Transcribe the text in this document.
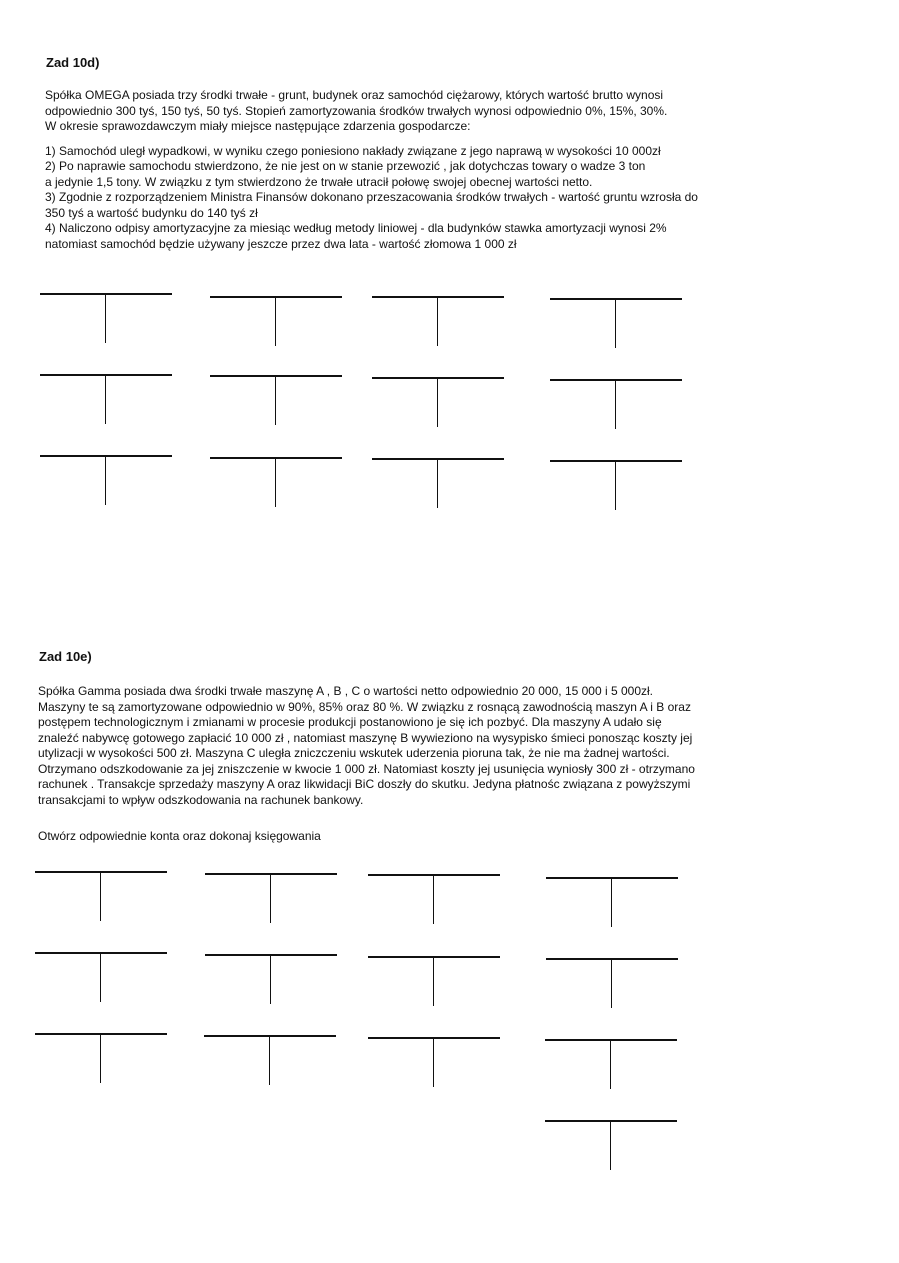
Zad 10d)
Spółka OMEGA posiada trzy środki trwałe - grunt, budynek oraz samochód ciężarowy, których wartość brutto wynosi
odpowiednio 300 tyś, 150 tyś, 50 tyś. Stopień zamortyzowania środków trwałych wynosi odpowiednio 0%, 15%, 30%.
W okresie sprawozdawczym miały miejsce następujące zdarzenia gospodarcze:
1) Samochód uległ wypadkowi, w wyniku czego poniesiono nakłady związane z jego naprawą w wysokości 10 000zł
2) Po naprawie samochodu stwierdzono, że nie jest on w stanie przewozić , jak dotychczas towary o wadze 3 ton
a jedynie 1,5 tony. W związku z tym stwierdzono że trwałe utracił połowę swojej obecnej wartości netto.
3) Zgodnie z rozporządzeniem Ministra Finansów dokonano przeszacowania środków trwałych - wartość gruntu wzrosła do
350 tyś a wartość budynku do 140 tyś zł
4) Naliczono odpisy amortyzacyjne za miesiąc według metody liniowej - dla budynków stawka amortyzacji wynosi 2%
natomiast samochód będzie używany jeszcze przez dwa lata - wartość złomowa 1 000 zł
Zad 10e)
Spółka Gamma posiada dwa środki trwałe maszynę A , B , C o wartości netto odpowiednio 20 000, 15 000 i 5 000zł.
Maszyny te są zamortyzowane odpowiednio w 90%, 85% oraz 80 %. W związku z rosnącą zawodnością maszyn A i B oraz
postępem technologicznym i zmianami w procesie produkcji postanowiono je się ich pozbyć. Dla maszyny A udało się
znaleźć nabywcę gotowego zapłacić 10 000 zł , natomiast maszynę B wywieziono na wysypisko śmieci ponosząc koszty jej
utylizacji w wysokości 500 zł. Maszyna C uległa zniczczeniu wskutek uderzenia pioruna tak, że nie ma żadnej wartości.
Otrzymano odszkodowanie za jej zniszczenie w kwocie 1 000 zł. Natomiast koszty jej usunięcia wyniosły 300 zł - otrzymano
rachunek . Transakcje sprzedaży maszyny A oraz likwidacji BiC doszły do skutku. Jedyna płatnośc związana z powyższymi
transakcjami to wpływ odszkodowania na rachunek bankowy.
Otwórz odpowiednie konta oraz dokonaj księgowania
